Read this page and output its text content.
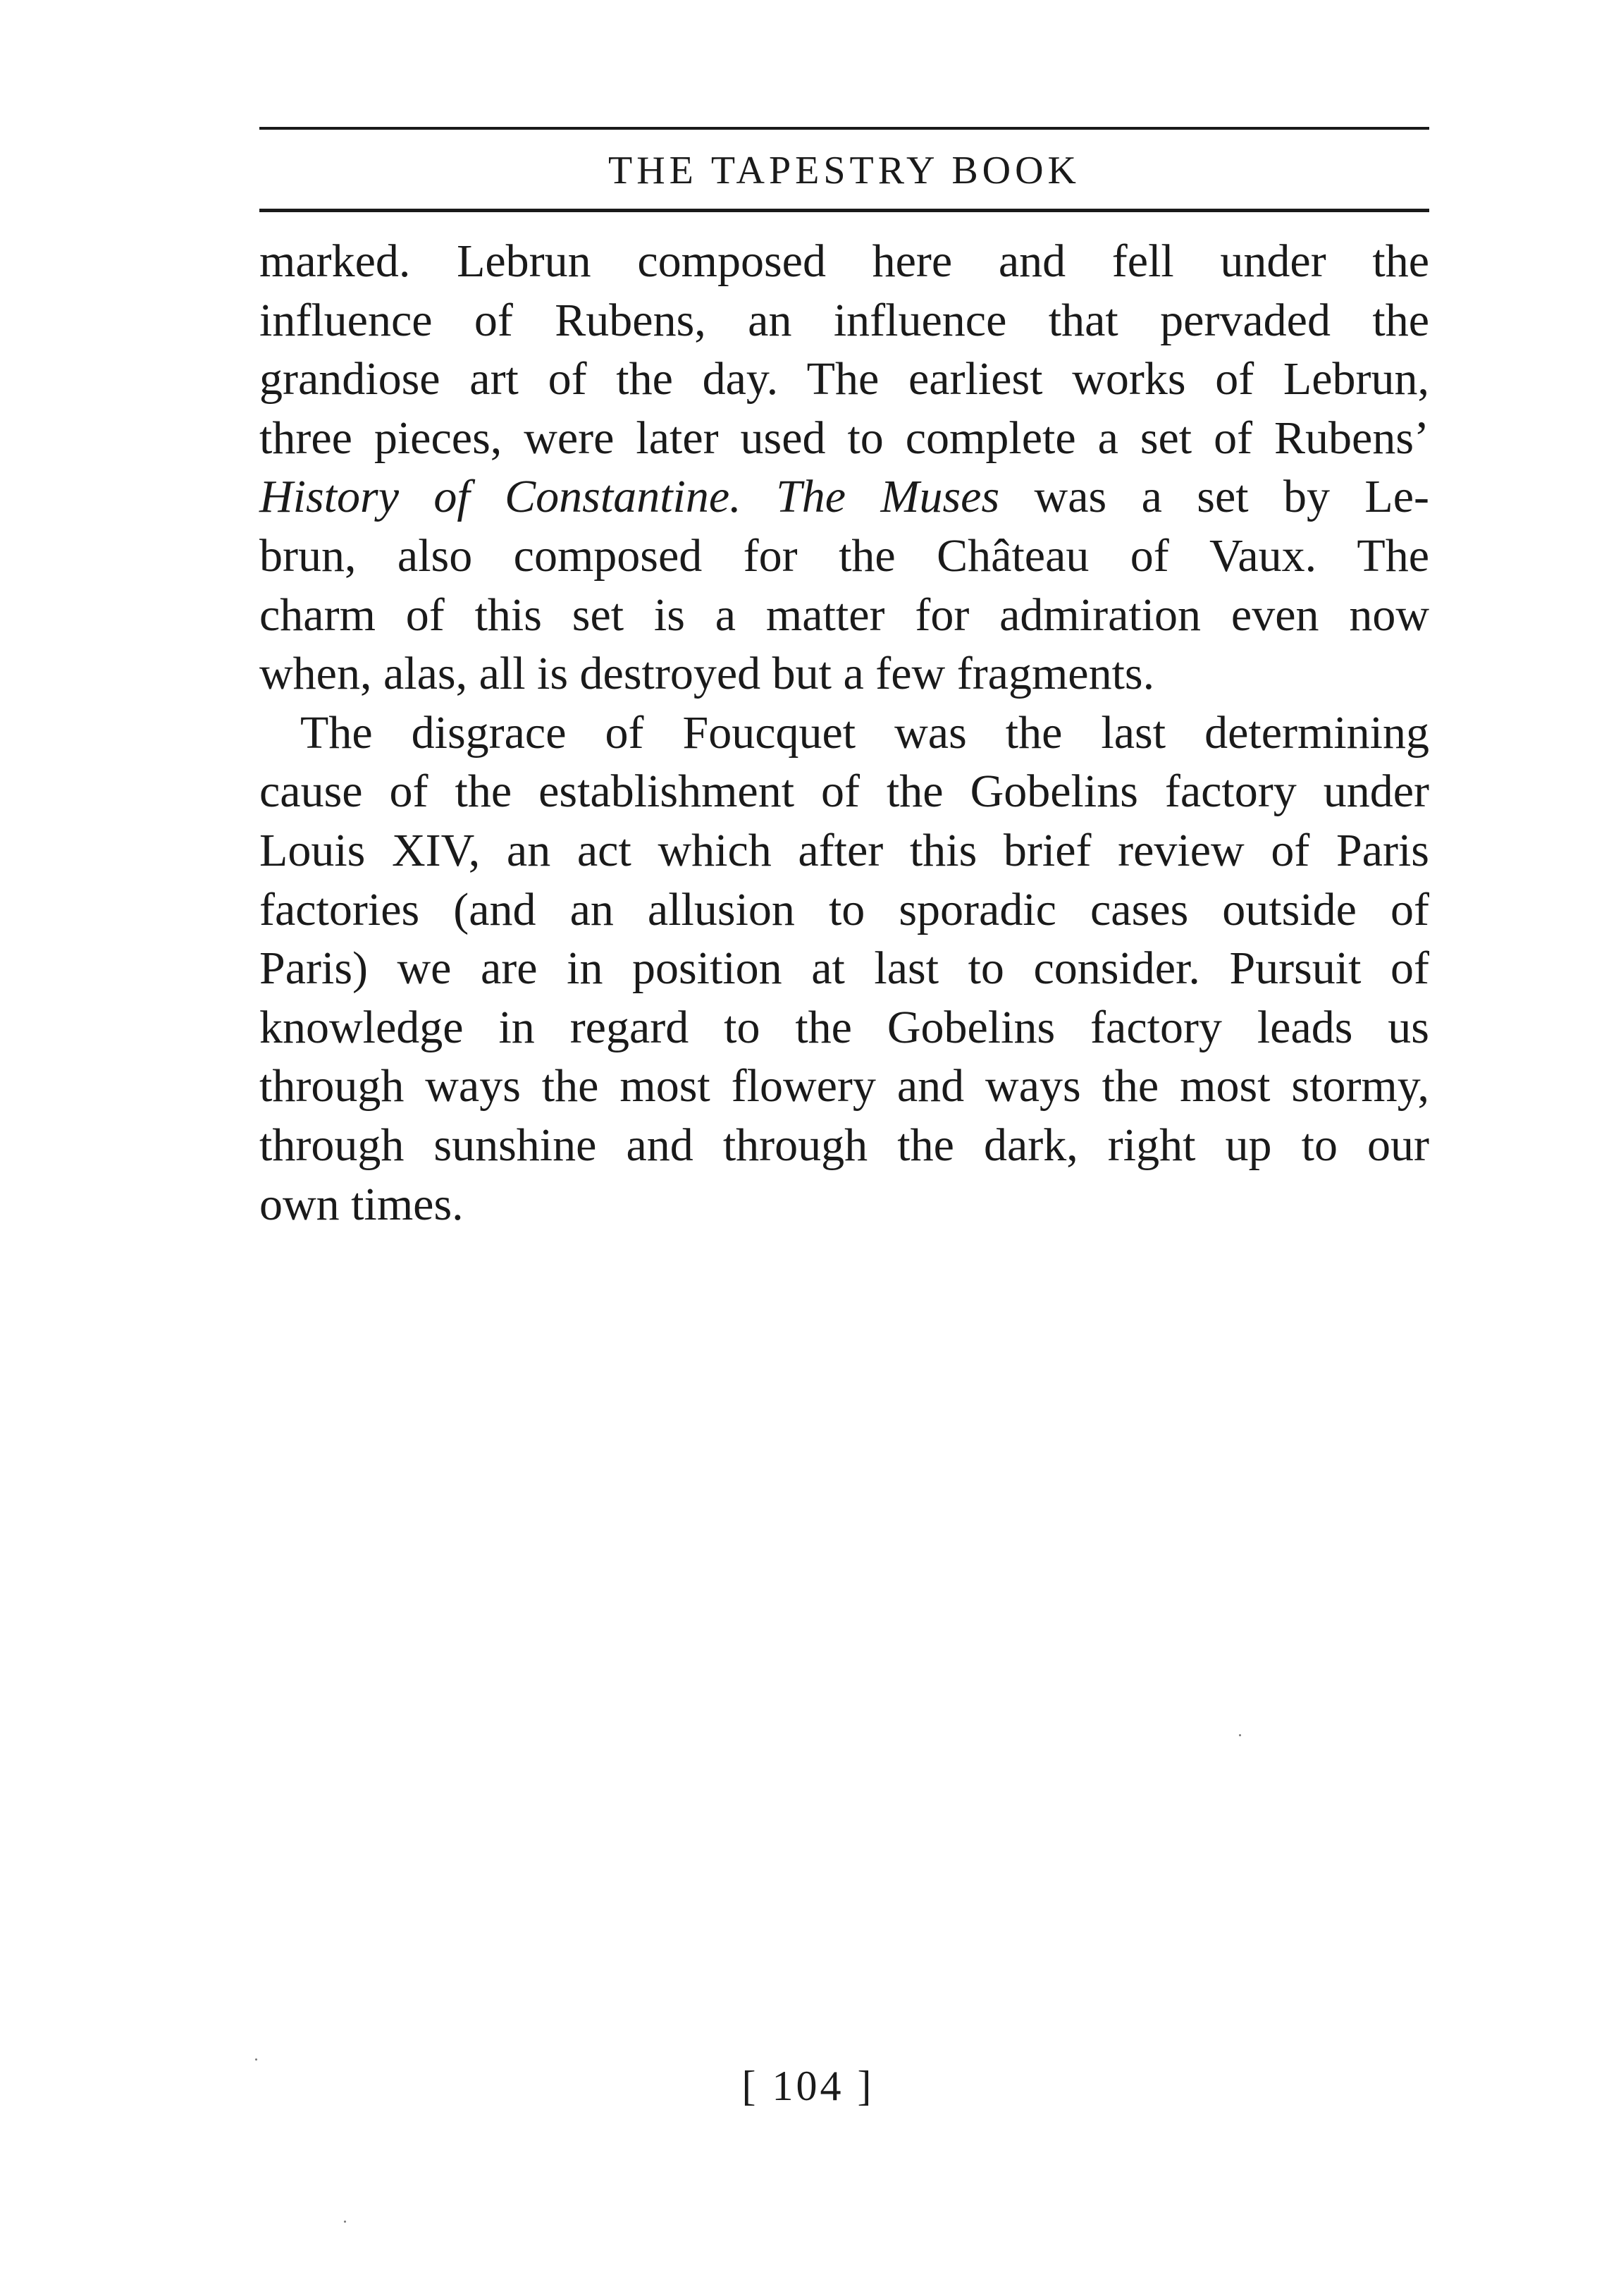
THE TAPESTRY BOOK
marked. Lebrun composed here and fell under the
influence of Rubens, an influence that pervaded the
grandiose art of the day. The earliest works of Lebrun,
three pieces, were later used to complete a set of Rubens’
History of Constantine. The Muses was a set by Le-
brun, also composed for the Château of Vaux. The
charm of this set is a matter for admiration even now
when, alas, all is destroyed but a few fragments.
The disgrace of Foucquet was the last determining
cause of the establishment of the Gobelins factory under
Louis XIV, an act which after this brief review of Paris
factories (and an allusion to sporadic cases outside of
Paris) we are in position at last to consider. Pursuit of
knowledge in regard to the Gobelins factory leads us
through ways the most flowery and ways the most stormy,
through sunshine and through the dark, right up to our
own times.
[ 104 ]
